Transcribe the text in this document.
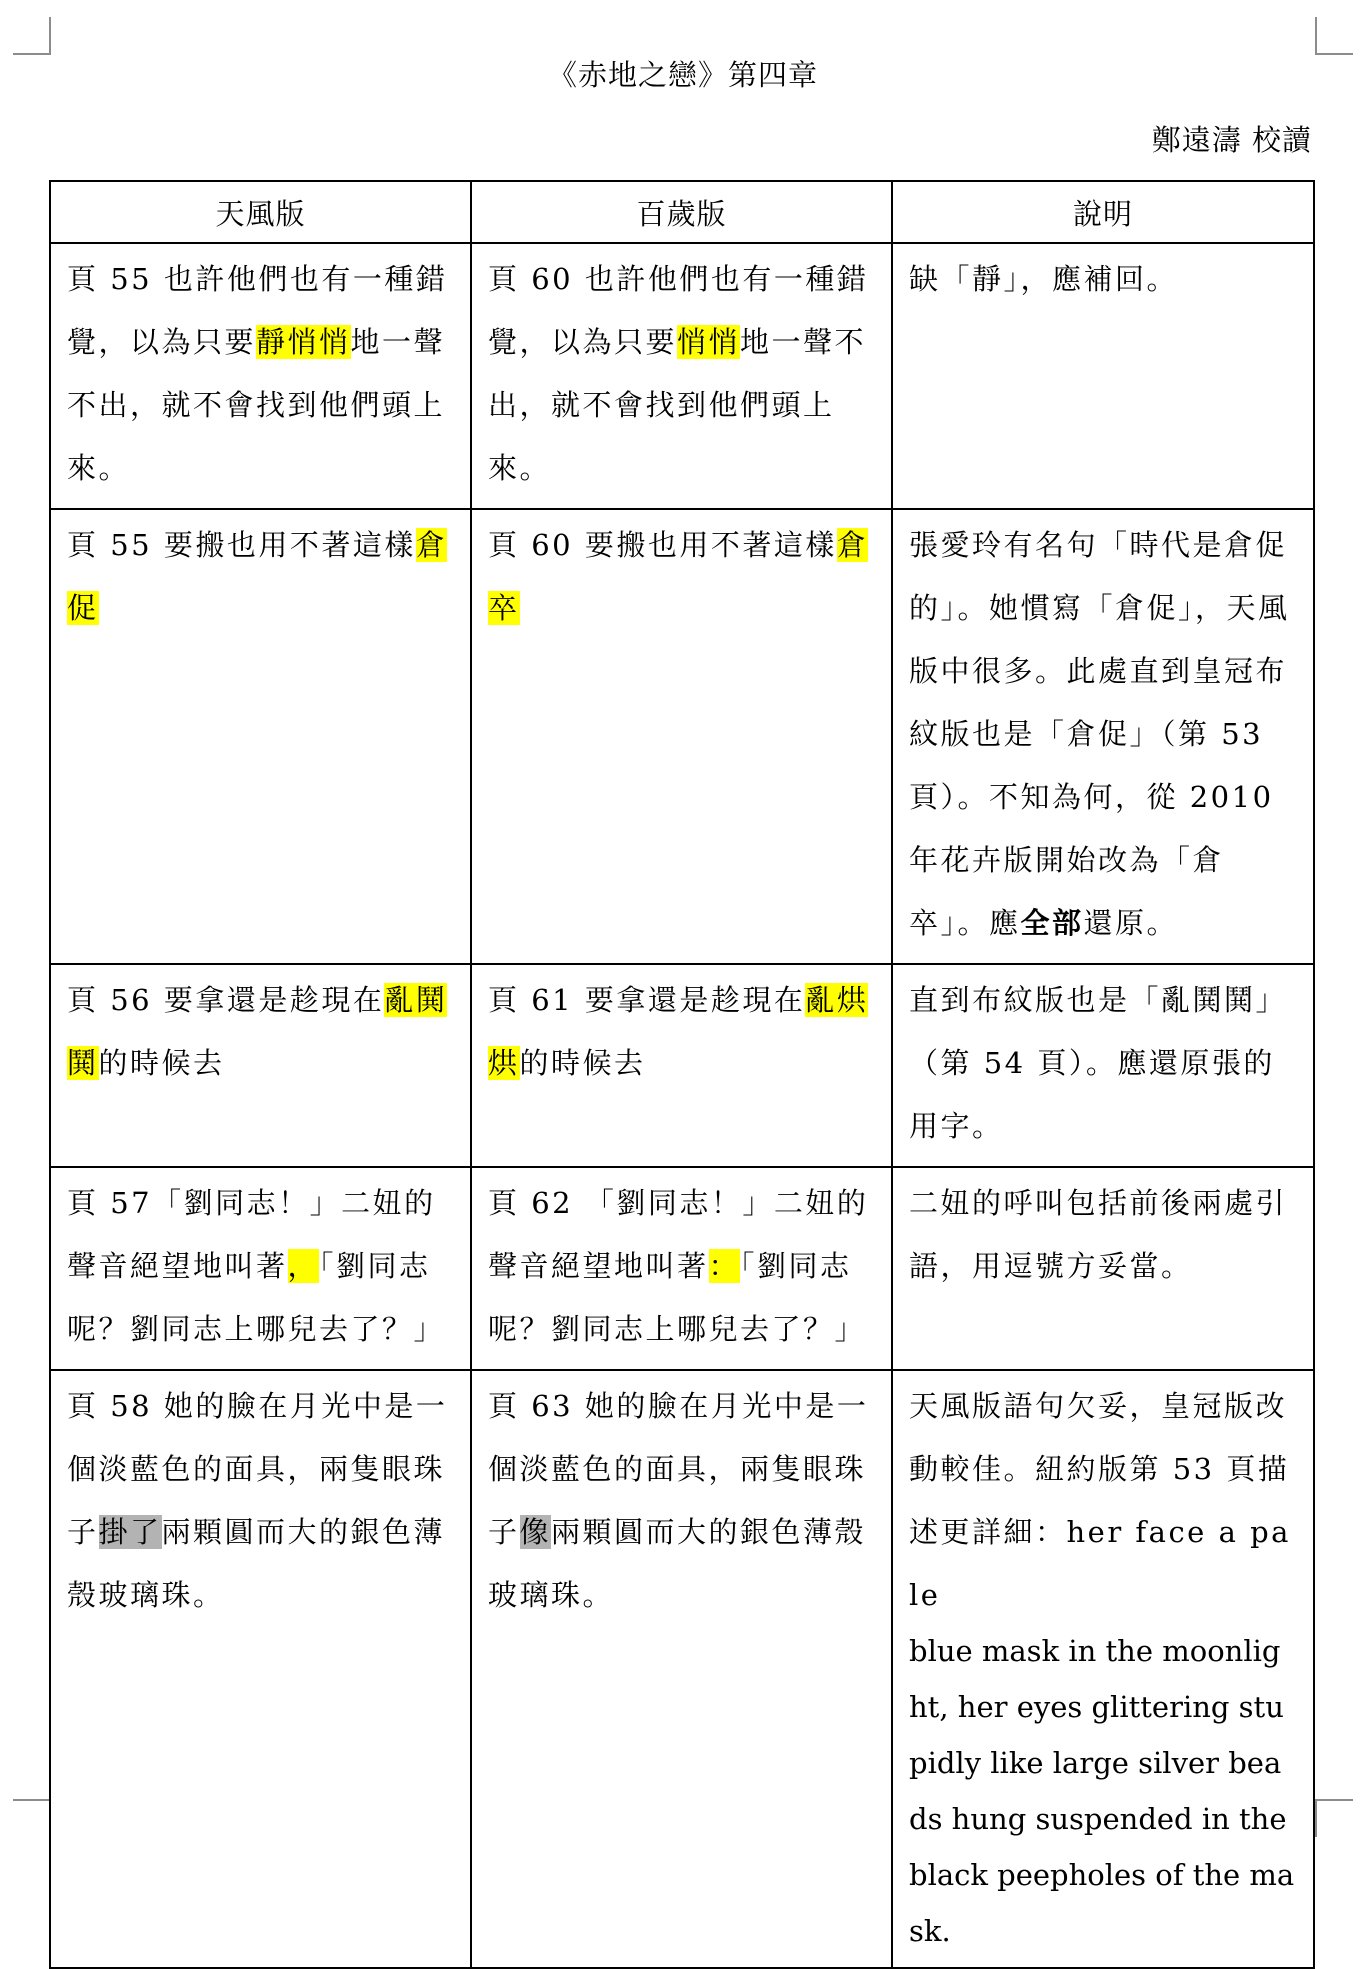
《赤地之戀》第四章
鄭遠濤 校讀
天風版	百歲版	說明
頁 55 也許他們也有一種錯覺，以為只要靜悄悄地一聲不出，就不會找到他們頭上來。	頁 60 也許他們也有一種錯覺，以為只要悄悄地一聲不出，就不會找到他們頭上來。	缺「靜」，應補回。
頁 55 要搬也用不著這樣倉促	頁 60 要搬也用不著這樣倉卒	張愛玲有名句「時代是倉促的」。她慣寫「倉促」，天風版中很多。此處直到皇冠布紋版也是「倉促」（第 53 頁）。不知為何，從 2010 年花卉版開始改為「倉卒」。應全部還原。
頁 56 要拿還是趁現在亂鬨鬨的時候去	頁 61 要拿還是趁現在亂烘烘的時候去	直到布紋版也是「亂鬨鬨」（第 54 頁）。應還原張的用字。
頁 57「劉同志！」二妞的聲音絕望地叫著，「劉同志呢？劉同志上哪兒去了？」	頁 62 「劉同志！」二妞的聲音絕望地叫著：「劉同志呢？劉同志上哪兒去了？」	二妞的呼叫包括前後兩處引語，用逗號方妥當。
頁 58 她的臉在月光中是一個淡藍色的面具，兩隻眼珠子掛了兩顆圓而大的銀色薄殼玻璃珠。	頁 63 她的臉在月光中是一個淡藍色的面具，兩隻眼珠子像兩顆圓而大的銀色薄殼玻璃珠。	天風版語句欠妥，皇冠版改動較佳。紐約版第 53 頁描述更詳細：her face a pale
blue mask in the moonlight, her eyes glittering stupidly like large silver beads hung suspended in the black peepholes of the mask.
